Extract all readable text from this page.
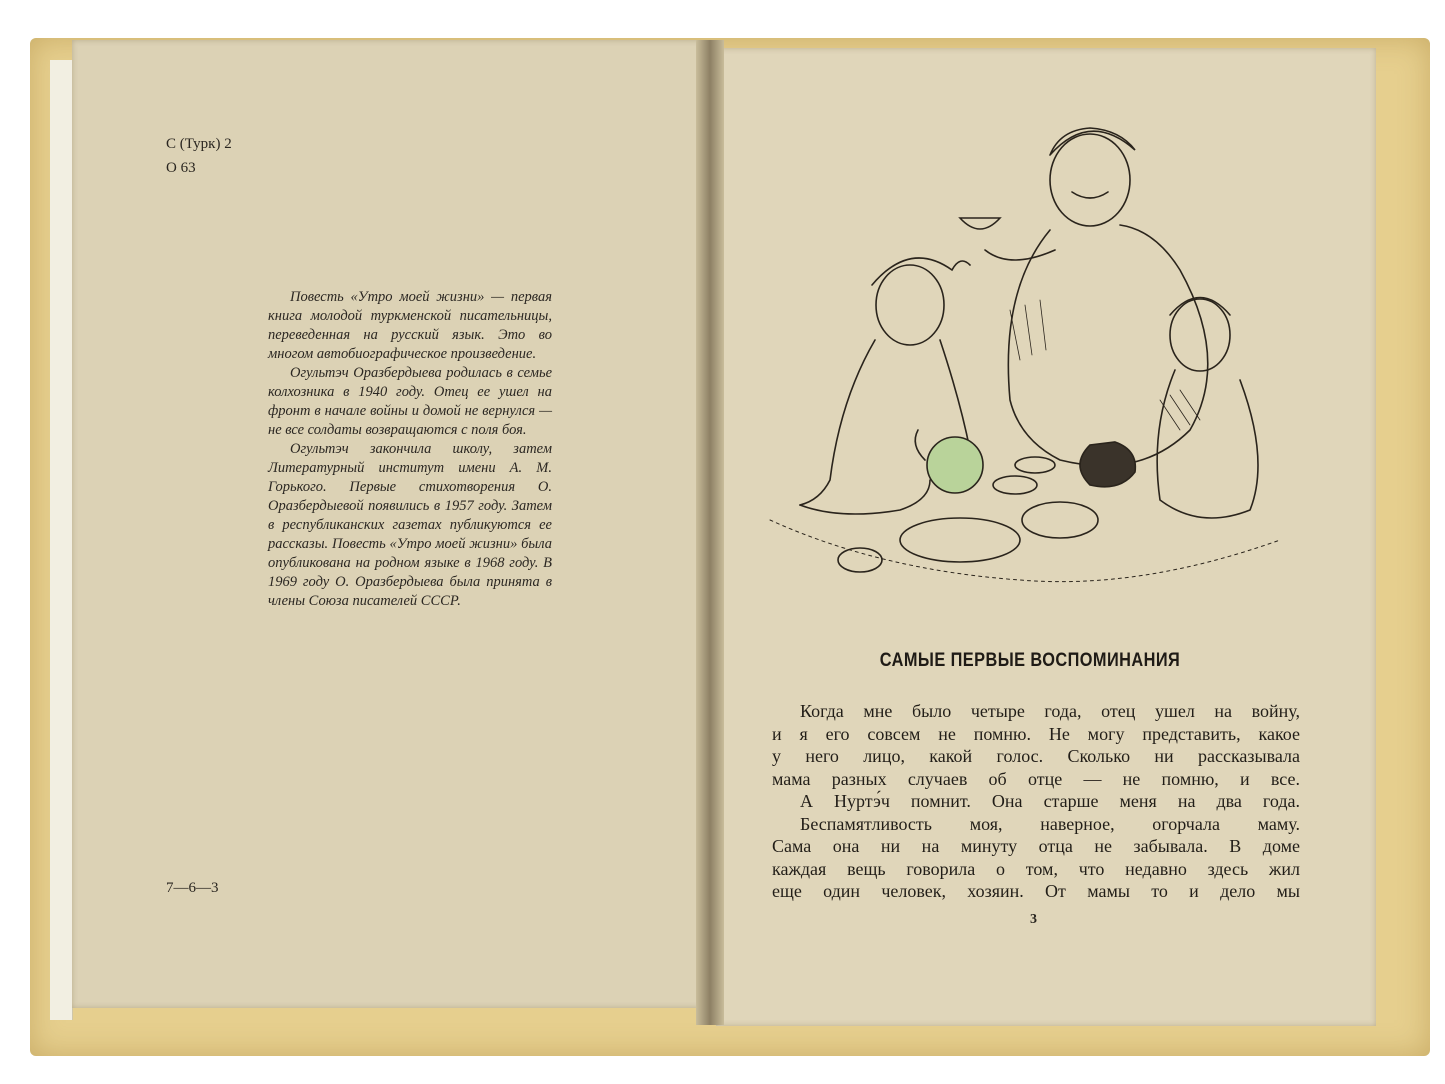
С (Турк) 2
О 63
7—6—3

Повесть «Утро моей жизни» — первая книга молодой туркменской писательницы, переведенная на русский язык. Это во многом автобиографическое произведение.

Огультэч Оразбердыева родилась в семье колхозника в 1940 году. Отец ее ушел на фронт в начале войны и домой не вернулся — не все солдаты возвращаются с поля боя.

Огультэч закончила школу, затем Литературный институт имени А. М. Горького. Первые стихотворения О. Оразбердыевой появились в 1957 году. Затем в республиканских газетах публикуются ее рассказы. Повесть «Утро моей жизни» была опубликована на родном языке в 1968 году. В 1969 году О. Оразбердыева была принята в члены Союза писателей СССР.

САМЫЕ ПЕРВЫЕ ВОСПОМИНАНИЯ
Когда мне было четыре года, отец ушел на войну,
и я его совсем не помню. Не могу представить, какое
у него лицо, какой голос. Сколько ни рассказывала
мама разных случаев об отце — не помню, и все.
А Нуртэ́ч помнит. Она старше меня на два года.
Беспамятливость моя, наверное, огорчала маму.
Сама она ни на минуту отца не забывала. В доме
каждая вещь говорила о том, что недавно здесь жил
еще один человек, хозяин. От мамы то и дело мы
3
